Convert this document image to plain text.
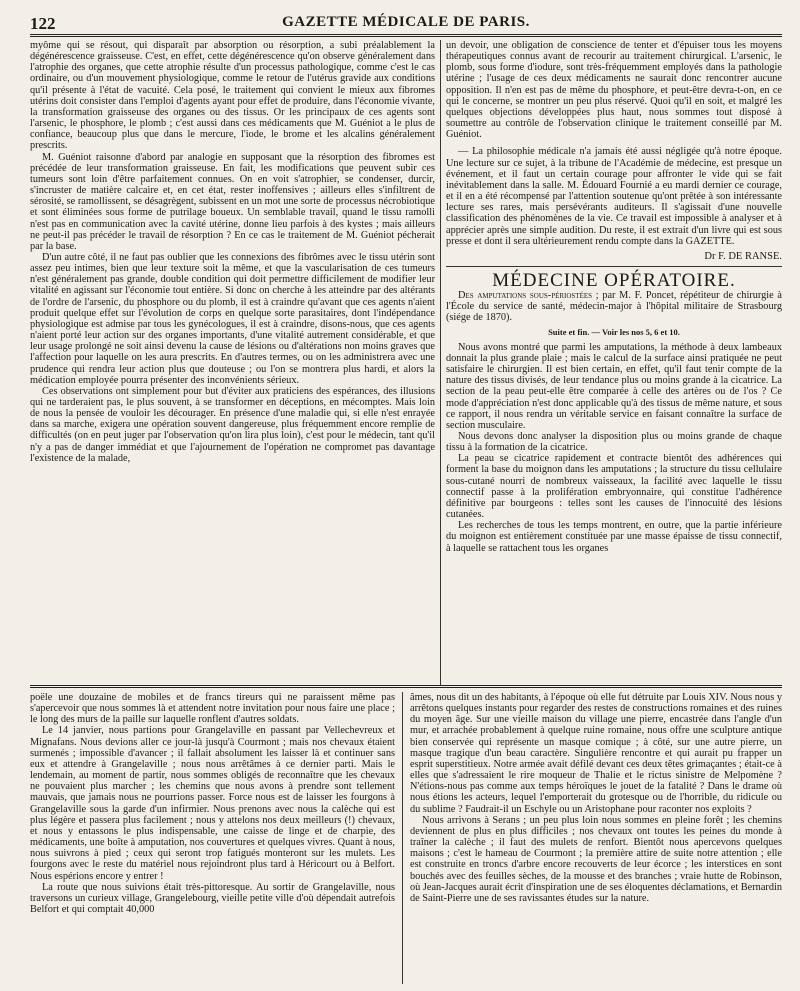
122	GAZETTE MÉDICALE DE PARIS.

myôme qui se résout, qui disparaît par absorption ou résorption, a subi préalablement la dégénérescence graisseuse. C'est, en effet, cette dégénérescence qu'on observe généralement dans l'atrophie des organes, que cette atrophie résulte d'un processus pathologique, comme c'est le cas ordinaire, ou d'un mouvement physiologique, comme le retour de l'utérus gravide aux conditions qu'il présente à l'état de vacuité. Cela posé, le traitement qui convient le mieux aux fibromes utérins doit consister dans l'emploi d'agents ayant pour effet de produire, dans l'économie vivante, la transformation graisseuse des organes ou des tissus. Or les principaux de ces agents sont l'arsenic, le phosphore, le plomb ; c'est aussi dans ces médicaments que M. Guéniot a le plus de confiance, beaucoup plus que dans le mercure, l'iode, le brome et les alcalins généralement prescrits.

M. Guéniot raisonne d'abord par analogie en supposant que la résorption des fibromes est précédée de leur transformation graisseuse. En fait, les modifications que peuvent subir ces tumeurs sont loin d'être parfaitement connues. On en voit s'atrophier, se condenser, durcir, s'incruster de matière calcaire et, en cet état, rester inoffensives ; ailleurs elles s'infiltrent de sérosité, se ramollissent, se désagrègent, subissent en un mot une sorte de processus nécrobiotique et sont éliminées sous forme de putrilage boueux. Un semblable travail, quand le tissu ramolli n'est pas en communication avec la cavité utérine, donne lieu parfois à des kystes ; mais ailleurs ne peut-il pas précéder le travail de résorption ? En ce cas le traitement de M. Guéniot pécherait par la base.

D'un autre côté, il ne faut pas oublier que les connexions des fibrômes avec le tissu utérin sont assez peu intimes, bien que leur texture soit la même, et que la vascularisation de ces tumeurs n'est généralement pas grande, double condition qui doit permettre difficilement de modifier leur vitalité en agissant sur l'économie tout entière. Si donc on cherche à les atteindre par des altérants de l'ordre de l'arsenic, du phosphore ou du plomb, il est à craindre qu'avant que ces agents n'aient produit quelque effet sur l'évolution de corps en quelque sorte parasitaires, dont l'indépendance physiologique est admise par tous les gynécologues, il est à craindre, disons-nous, que ces agents n'aient porté leur action sur des organes importants, d'une vitalité autrement considérable, et que leur usage prolongé ne soit ainsi devenu la cause de lésions ou d'altérations non moins graves que l'affection pour laquelle on les aura prescrits. En d'autres termes, ou on les administrera avec une prudence qui rendra leur action plus que douteuse ; ou l'on se montrera plus hardi, et alors la médication employée pourra présenter des inconvénients sérieux.

Ces observations ont simplement pour but d'éviter aux praticiens des espérances, des illusions qui ne tarderaient pas, le plus souvent, à se transformer en déceptions, en mécomptes. Mais loin de nous la pensée de vouloir les décourager. En présence d'une maladie qui, si elle n'est enrayée dans sa marche, exigera une opération souvent dangereuse, plus fréquemment encore remplie de difficultés (on en peut juger par l'observation qu'on lira plus loin), c'est pour le médecin, tant qu'il n'y a pas de danger immédiat et que l'ajournement de l'opération ne compromet pas davantage l'existence de la malade,

un devoir, une obligation de conscience de tenter et d'épuiser tous les moyens thérapeutiques connus avant de recourir au traitement chirurgical. L'arsenic, le plomb, sous forme d'iodure, sont très-fréquemment employés dans la pathologie utérine ; l'usage de ces deux médicaments ne saurait donc rencontrer aucune opposition. Il n'en est pas de même du phosphore, et peut-être devra-t-on, en ce qui le concerne, se montrer un peu plus réservé. Quoi qu'il en soit, et malgré les quelques objections développées plus haut, nous sommes tout disposé à soumettre au contrôle de l'observation clinique le traitement conseillé par M. Guéniot.

— La philosophie médicale n'a jamais été aussi négligée qu'à notre époque. Une lecture sur ce sujet, à la tribune de l'Académie de médecine, est presque un événement, et il faut un certain courage pour affronter le vide qui se fait inévitablement dans la salle. M. Édouard Fournié a eu mardi dernier ce courage, et il en a été récompensé par l'attention soutenue qu'ont prêtée à son intéressante lecture ses rares, mais persévérants auditeurs. Il s'agissait d'une nouvelle classification des phénomènes de la vie. Ce travail est impossible à analyser et à apprécier après une simple audition. Du reste, il est extrait d'un livre qui est sous presse et dont il sera ultérieurement rendu compte dans la GAZETTE.

Dr F. DE RANSE.
MÉDECINE OPÉRATOIRE.

Des amputations sous-périostées ; par M. F. Poncet, répétiteur de chirurgie à l'École du service de santé, médecin-major à l'hôpital militaire de Strasbourg (siége de 1870).

Suite et fin. — Voir les nos 5, 6 et 10.

Nous avons montré que parmi les amputations, la méthode à deux lambeaux donnait la plus grande plaie ; mais le calcul de la surface ainsi pratiquée ne peut satisfaire le chirurgien. Il est bien certain, en effet, qu'il faut tenir compte de la nature des tissus divisés, de leur tendance plus ou moins grande à la cicatrice. La section de la peau peut-elle être comparée à celle des artères ou de l'os ? Ce mode d'appréciation n'est donc applicable qu'à des tissus de même nature, et sous ce rapport, il nous rendra un véritable service en faisant connaître la surface de section musculaire.

Nous devons donc analyser la disposition plus ou moins grande de chaque tissu à la formation de la cicatrice.

La peau se cicatrice rapidement et contracte bientôt des adhérences qui forment la base du moignon dans les amputations ; la structure du tissu cellulaire sous-cutané nourri de nombreux vaisseaux, la facilité avec laquelle le tissu connectif passe à la prolifération embryonnaire, qui constitue l'adhérence définitive par bourgeons : telles sont les causes de l'innocuité des lésions cutanées.

Les recherches de tous les temps montrent, en outre, que la partie inférieure du moignon est entièrement constituée par une masse épaisse de tissu connectif, à laquelle se rattachent tous les organes

poële une douzaine de mobiles et de francs tireurs qui ne paraissent même pas s'apercevoir que nous sommes là et attendent notre invitation pour nous faire une place ; le long des murs de la paille sur laquelle ronflent d'autres soldats.

Le 14 janvier, nous partions pour Grangelaville en passant par Vellechevreux et Mignafans. Nous devions aller ce jour-là jusqu'à Courmont ; mais nos chevaux étaient surmenés ; impossible d'avancer ; il fallait absolument les laisser là et continuer sans eux et attendre à Grangelaville ; nous nous arrêtâmes à ce dernier parti. Mais le lendemain, au moment de partir, nous sommes obligés de reconnaître que les chevaux ne pouvaient plus marcher ; les chemins que nous avons à prendre sont tellement mauvais, que jamais nous ne pourrions passer. Force nous est de laisser les fourgons à Grangelaville sous la garde d'un infirmier. Nous prenons avec nous la calèche qui est plus légère et passera plus facilement ; nous y attelons nos deux meilleurs (!) chevaux, et nous y entassons le plus indispensable, une caisse de linge et de charpie, des médicaments, une boîte à amputation, nos couvertures et quelques vivres. Quant à nous, nous suivrons à pied ; ceux qui seront trop fatigués monteront sur les mulets. Les fourgons avec le reste du matériel nous rejoindront plus tard à Héricourt ou à Belfort. Nous espérions encore y entrer !

La route que nous suivions était très-pittoresque. Au sortir de Grangelaville, nous traversons un curieux village, Grangelebourg, vieille petite ville d'où dépendait autrefois Belfort et qui comptait 40,000

âmes, nous dit un des habitants, à l'époque où elle fut détruite par Louis XIV. Nous nous y arrêtons quelques instants pour regarder des restes de constructions romaines et des ruines du moyen âge. Sur une vieille maison du village une pierre, encastrée dans l'angle d'un mur, et arrachée probablement à quelque ruine romaine, nous offre une sculpture antique bien conservée qui représente un masque comique ; à côté, sur une autre pierre, un masque tragique d'un beau caractère. Singulière rencontre et qui aurait pu frapper un esprit superstitieux. Notre armée avait défilé devant ces deux têtes grimaçantes ; était-ce à elles que s'adressaient le rire moqueur de Thalie et le rictus sinistre de Melpomène ? N'étions-nous pas comme aux temps héroïques le jouet de la fatalité ? Dans le drame où nous étions les acteurs, lequel l'emporterait du grotesque ou de l'horrible, du ridicule ou du sublime ? Faudrait-il un Eschyle ou un Aristophane pour raconter nos exploits ?

Nous arrivons à Serans ; un peu plus loin nous sommes en pleine forêt ; les chemins deviennent de plus en plus difficiles ; nos chevaux ont toutes les peines du monde à traîner la calèche ; il faut des mulets de renfort. Bientôt nous apercevons quelques maisons ; c'est le hameau de Courmont ; la première attire de suite notre attention ; elle est construite en troncs d'arbre encore recouverts de leur écorce ; les interstices en sont bouchés avec des feuilles sèches, de la mousse et des branches ; vraie hutte de Robinson, où Jean-Jacques aurait écrit d'inspiration une de ses éloquentes déclamations, et Bernardin de Saint-Pierre une de ses ravissantes études sur la nature.
